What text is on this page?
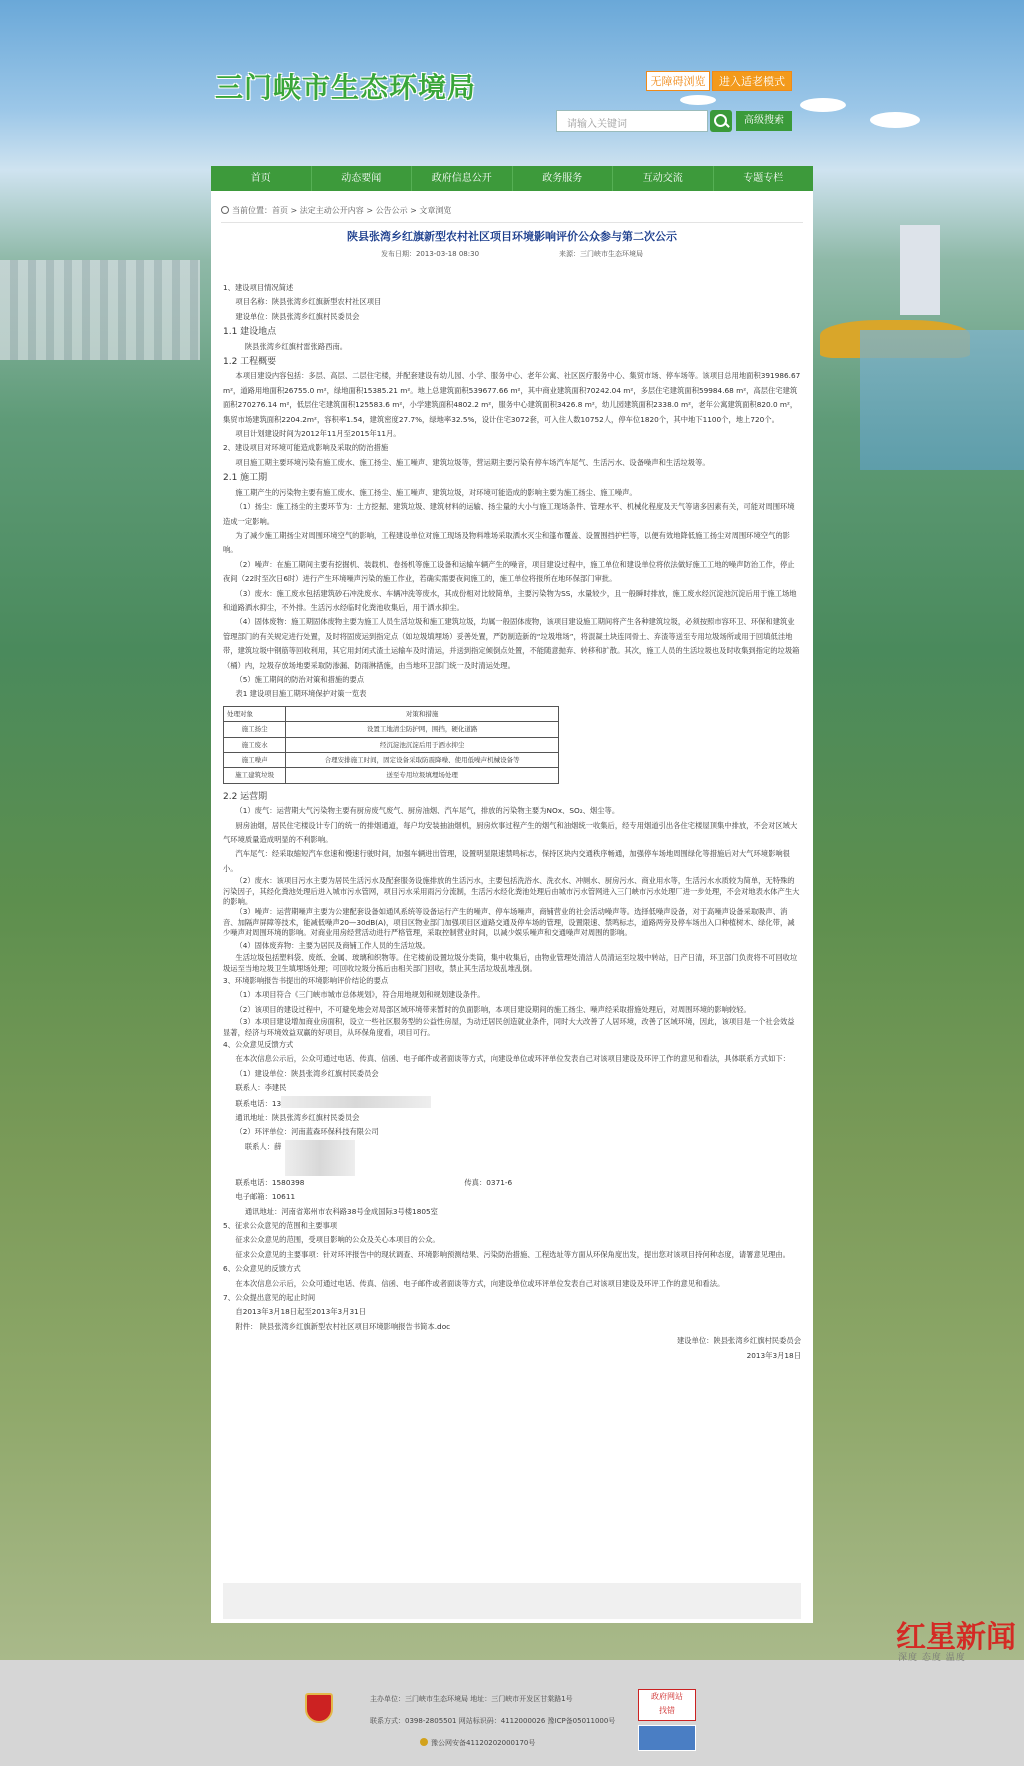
三门峡市生态环境局	无障碍浏览	进入适老模式
请输入关键词	高级搜索
首页	动态要闻	政府信息公开	政务服务	互动交流	专题专栏
当前位置：首页 > 法定主动公开内容 > 公告公示 > 文章浏览
陕县张湾乡红旗新型农村社区项目环境影响评价公众参与第二次公示
发布日期：2013-03-18 08:30	来源：三门峡市生态环境局

1、建设项目情况简述

项目名称：陕县张湾乡红旗新型农村社区项目

建设单位：陕县张湾乡红旗村民委员会

1.1 建设地点

陕县张湾乡红旗村雷张路西南。

1.2 工程概要

本项目建设内容包括：多层、高层、二层住宅楼，并配套建设有幼儿园、小学、服务中心、老年公寓、社区医疗服务中心、集贸市场、停车场等。该项目总用地面积391986.67 m²，道路用地面积26755.0 m²，绿地面积15385.21 m²。地上总建筑面积539677.66 m²，其中商业建筑面积70242.04 m²，多层住宅建筑面积59984.68 m²，高层住宅建筑面积270276.14 m²，低层住宅建筑面积125583.6 m²，小学建筑面积4802.2 m²，服务中心建筑面积3426.8 m²，幼儿园建筑面积2338.0 m²，老年公寓建筑面积820.0 m²，集贸市场建筑面积2204.2m²，容积率1.54，建筑密度27.7%，绿地率32.5%，设计住宅3072套，可入住人数10752人，停车位1820个，其中地下1100个，地上720个。

项目计划建设时间为2012年11月至2015年11月。

2、建设项目对环境可能造成影响及采取的防治措施

项目施工期主要环境污染有施工废水、施工扬尘、施工噪声、建筑垃圾等，营运期主要污染有停车场汽车尾气、生活污水、设备噪声和生活垃圾等。

2.1 施工期

施工期产生的污染物主要有施工废水、施工扬尘、施工噪声、建筑垃圾，对环境可能造成的影响主要为施工扬尘、施工噪声。

（1）扬尘：施工扬尘的主要环节为：土方挖掘、建筑垃圾、建筑材料的运输、扬尘量的大小与施工现场条件、管理水平、机械化程度及天气等诸多因素有关，可能对周围环境造成一定影响。

为了减少施工期扬尘对周围环境空气的影响，工程建设单位对施工现场及物料堆场采取洒水灭尘和篷布覆盖、设置围挡护栏等，以便有效地降低施工扬尘对周围环境空气的影响。

（2）噪声：在施工期间主要有挖掘机、装载机、卷扬机等施工设备和运输车辆产生的噪音，项目建设过程中，施工单位和建设单位将依法做好施工工地的噪声防治工作，停止夜间（22时至次日6时）进行产生环境噪声污染的施工作业，若确实需要夜间施工的，施工单位将报所在地环保部门审批。

（3）废水：施工废水包括建筑砂石冲洗废水、车辆冲洗等废水，其成份相对比较简单，主要污染物为SS，水量较少，且一般瞬时排放，施工废水经沉淀池沉淀后用于施工场地和道路洒水抑尘，不外排。生活污水经临时化粪池收集后，用于洒水抑尘。

（4）固体废物：施工期固体废物主要为施工人员生活垃圾和施工建筑垃圾，均属一般固体废物，该项目建设施工期间将产生各种建筑垃圾，必须按照市容环卫、环保和建筑业管理部门的有关规定进行处置，及时将固废运到指定点（如垃圾填埋场）妥善处置，严防制造新的“垃圾堆场”，将混凝土块连同骨土、弃渣等送至专用垃圾场所或用于回填低洼地带，建筑垃圾中钢筋等回收利用，其它用封闭式渣土运输车及时清运，并送到指定倾倒点处置，不能随意抛弃、转移和扩散。其次，施工人员的生活垃圾也及时收集到指定的垃圾箱（桶）内，垃圾存放场地要采取防渗漏、防雨淋措施，由当地环卫部门统一及时清运处理。

（5）施工期间的防治对策和措施的要点

表1 建设项目施工期环境保护对策一览表

处理对象	对策和措施
施工扬尘	设置工地清尘防护网，围挡，硬化道路
施工废水	经沉淀池沉淀后用于洒水抑尘
施工噪声	合理安排施工时间，固定设备采取防震降噪、使用低噪声机械设备等
施工建筑垃圾	送至专用垃圾填埋场处理

2.2 运营期

（1）废气：运营期大气污染物主要有厨房废气废气、厨房油烟、汽车尾气，排放的污染物主要为NOx、SO₂、烟尘等。

厨房油烟，居民住宅楼设计专门的统一的排烟通道，每户均安装抽油烟机，厨房炊事过程产生的烟气和油烟统一收集后，经专用烟道引出各住宅楼屋顶集中排放，不会对区域大气环境质量造成明显的不利影响。

汽车尾气：经采取缩短汽车怠速和慢速行驶时间，加强车辆进出管理，设置明显限速禁鸣标志，保持区块内交通秩序畅通，加强停车场地周围绿化等措施后对大气环境影响很小。

（2）废水：该项目污水主要为居民生活污水及配套服务设施排放的生活污水，主要包括洗浴水、洗衣水、冲厕水、厨房污水、商业用水等，生活污水水质较为简单，无特殊的污染因子，其经化粪池处理后进入城市污水管网，项目污水采用雨污分流制，生活污水经化粪池处理后由城市污水管网进入三门峡市污水处理厂进一步处理，不会对地表水体产生大的影响。

（3）噪声：运营期噪声主要为公建配套设备如通风系统等设备运行产生的噪声、停车场噪声，商铺营业的社会活动噪声等。选择低噪声设备，对于高噪声设备采取吸声、消音、加隔声屏障等技术，能减低噪声20—30dB(A)，项目区物业部门加强项目区道路交通及停车场的管理，设置限速、禁鸣标志，道路两旁及停车场出入口种植树木、绿化带，减少噪声对周围环境的影响。对商业用房经营活动进行严格管理，采取控制营业时间，以减少娱乐噪声和交通噪声对周围的影响。

（4）固体废弃物：主要为居民及商铺工作人员的生活垃圾。

生活垃圾包括塑料袋、废纸、金属、玻璃和织物等。住宅楼前设置垃圾分类筒，集中收集后，由物业管理处清洁人员清运至垃圾中转站，日产日清，环卫部门负责将不可回收垃圾运至当地垃圾卫生填埋场处理；可回收垃圾分拣后由相关部门回收，禁止其生活垃圾乱堆乱倒。

3、环境影响报告书提出的环境影响评价结论的要点

（1）本项目符合《三门峡市城市总体规划》，符合用地规划和规划建设条件。

（2）该项目的建设过程中，不可避免地会对局部区域环境带来暂时的负面影响，本项目建设期间的施工扬尘、噪声经采取措施处理后，对周围环境的影响较轻。

（3）本项目建设增加商业房面积，设立一些社区服务型的公益性房屋，为动迁居民创造就业条件，同时大大改善了人居环境，改善了区域环境，因此，该项目是一个社会效益显著，经济与环境效益双赢的好项目，从环保角度看，项目可行。

4、公众意见反馈方式

在本次信息公示后，公众可通过电话、传真、信函、电子邮件或者面谈等方式，向建设单位或环评单位发表自己对该项目建设及环评工作的意见和看法，具体联系方式如下：

（1）建设单位：陕县张湾乡红旗村民委员会

联系人：李建民

联系电话：13

通讯地址：陕县张湾乡红旗村民委员会

（2）环评单位：河南蓝森环保科技有限公司

联系人：薛

联系电话：1580398	传真：0371-6

电子邮箱：10611

通讯地址：河南省郑州市农科路38号金成国际3号楼1805室

5、征求公众意见的范围和主要事项

征求公众意见的范围，受项目影响的公众及关心本项目的公众。

征求公众意见的主要事项：针对环评报告中的现状调查、环境影响预测结果、污染防治措施、工程选址等方面从环保角度出发，提出您对该项目持何种态度，请署意见理由。

6、公众意见的反馈方式

在本次信息公示后，公众可通过电话、传真、信函、电子邮件或者面谈等方式，向建设单位或环评单位发表自己对该项目建设及环评工作的意见和看法。

7、公众提出意见的起止时间

自2013年3月18日起至2013年3月31日

附件： 陕县张湾乡红旗新型农村社区项目环境影响报告书简本.doc

建设单位：陕县张湾乡红旗村民委员会

2013年3月18日

主办单位：三门峡市生态环境局 地址：三门峡市开发区甘棠路1号
联系方式：0398-2805501 网站标识码：4112000026 豫ICP备05011000号
豫公网安备41120202000170号
政府网站
找错
红星新闻
深度 态度 温度
